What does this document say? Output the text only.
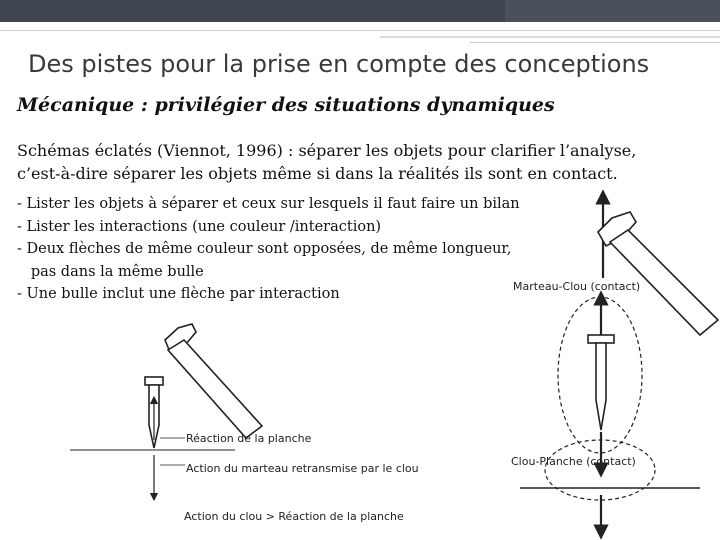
Des pistes pour la prise en compte des conceptions
Mécanique : privilégier des situations dynamiques
Schémas éclatés (Viennot, 1996) : séparer les objets pour clarifier l’analyse,
c’est-à-dire séparer les objets même si dans la réalités ils sont en contact.
- Lister les objets à séparer et ceux sur lesquels il faut faire un bilan
- Lister les interactions (une couleur /interaction)
- Deux flèches de même couleur sont opposées, de même longueur,
pas dans la même bulle
- Une bulle inclut une flèche par interaction
Réaction de la planche
Action du marteau retransmise par le clou
Action du clou > Réaction de la planche
Marteau-Clou (contact)
Clou-Planche (contact)
